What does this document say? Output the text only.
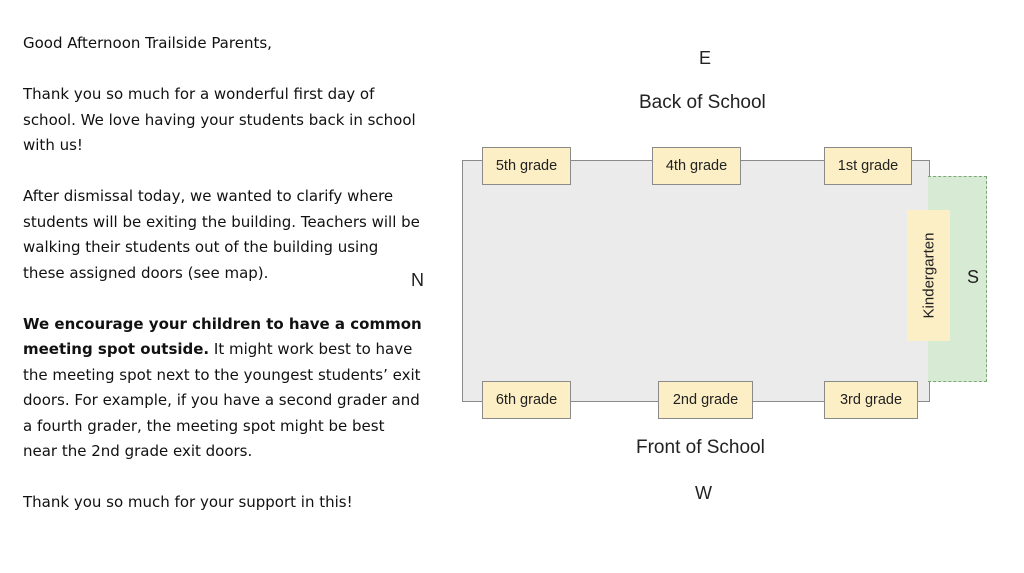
Good Afternoon Trailside Parents,

Thank you so much for a wonderful first day of school. We love having your students back in school with us!

After dismissal today, we wanted to clarify where students will be exiting the building. Teachers will be walking their students out of the building using these assigned doors (see map).

We encourage your children to have a common meeting spot outside. It might work best to have the meeting spot next to the youngest students’ exit doors. For example, if you have a second grader and a fourth grader, the meeting spot might be best near the 2nd grade exit doors.

Thank you so much for your support in this!

E
Back of School
5th grade	4th grade	1st grade
6th grade	2nd grade	3rd grade
Kindergarten
N	S
Front of School
W
